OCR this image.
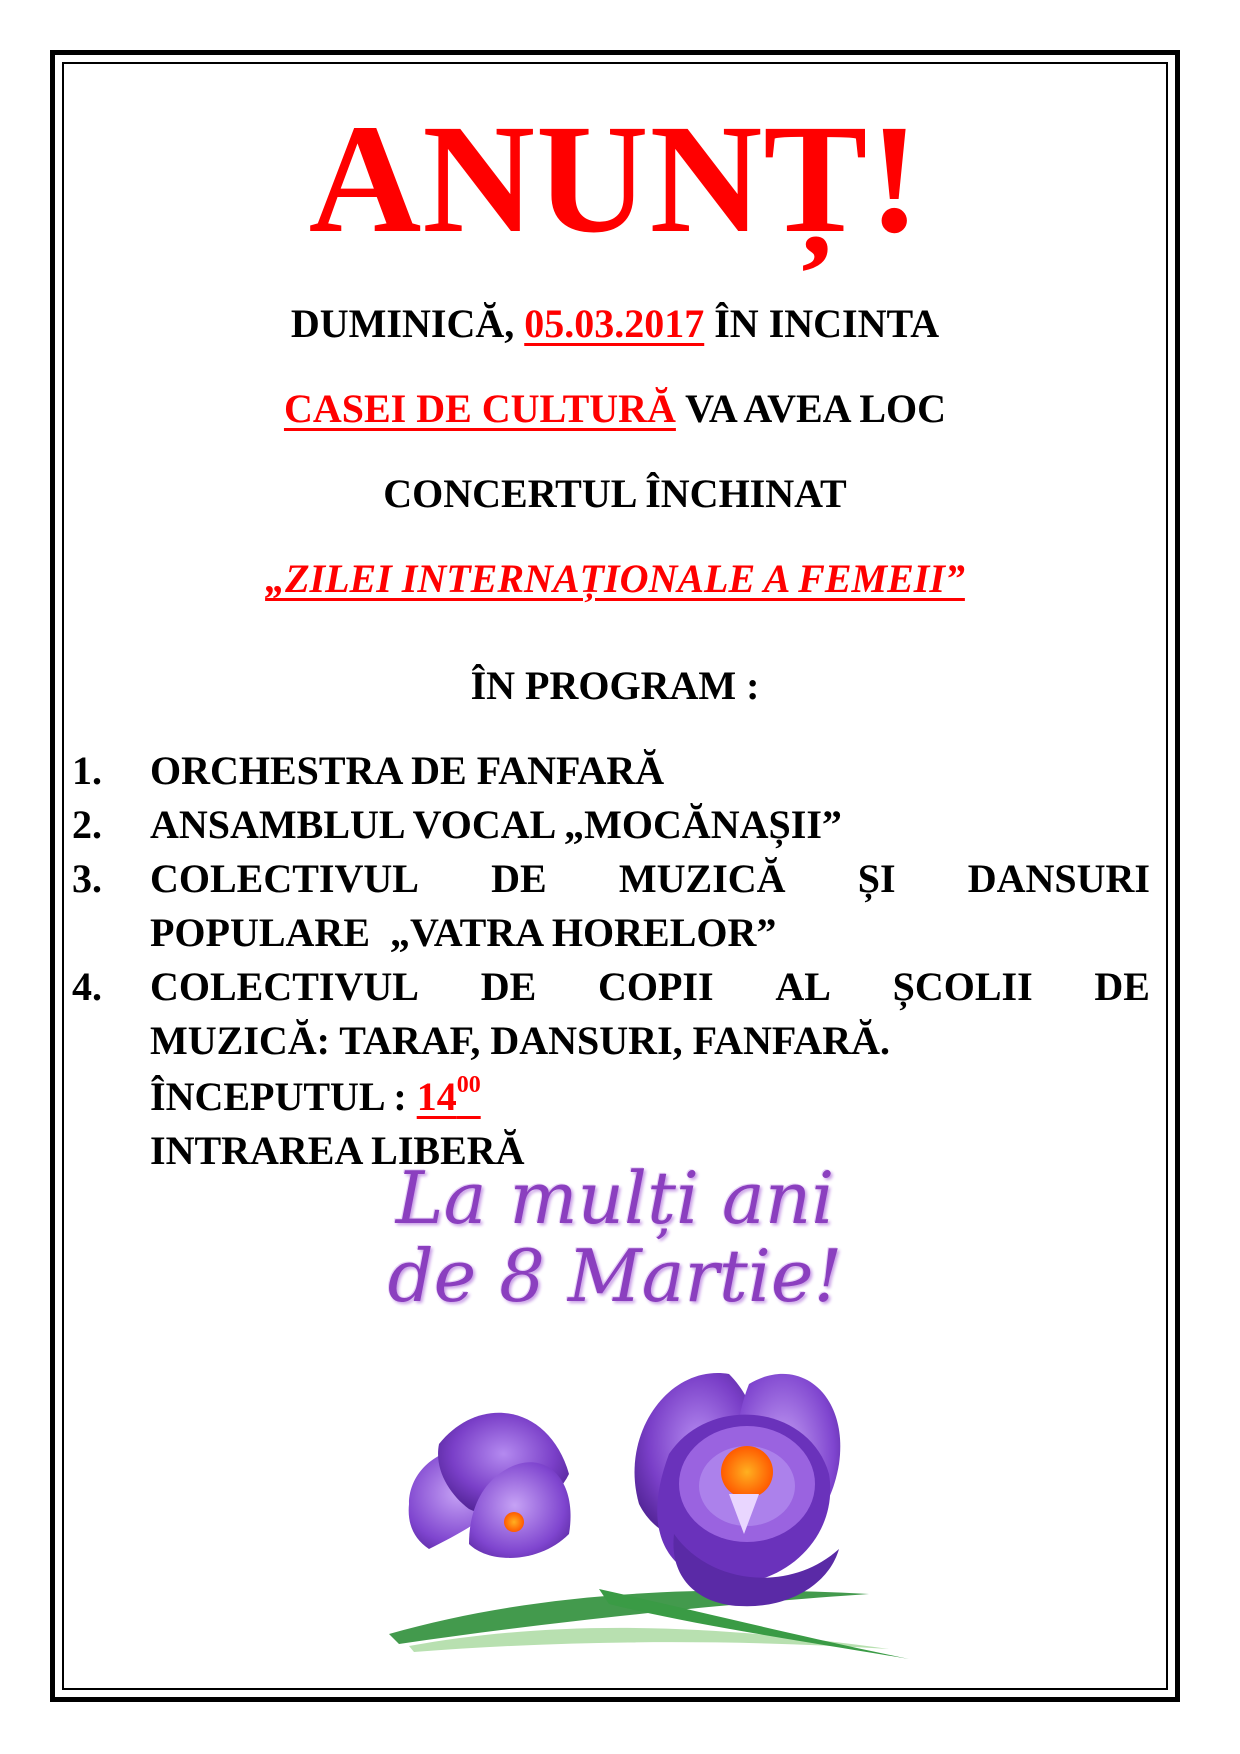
ANUNȚ!
DUMINICĂ, 05.03.2017 ÎN INCINTA
CASEI DE CULTURĂ VA AVEA LOC
CONCERTUL ÎNCHINAT
„ZILEI INTERNAȚIONALE A FEMEII”
ÎN PROGRAM :
1.	ORCHESTRA DE FANFARĂ
2.	ANSAMBLUL VOCAL „MOCĂNAȘII”
3.	COLECTIVUL DE MUZICĂ ȘI DANSURI
POPULARE  „VATRA HORELOR”
4.	COLECTIVUL DE COPII AL ȘCOLII DE
MUZICĂ: TARAF, DANSURI, FANFARĂ.
ÎNCEPUTUL : $14^{00}$
INTRAREA LIBERĂ
La mulți ani
de 8 Martie!
